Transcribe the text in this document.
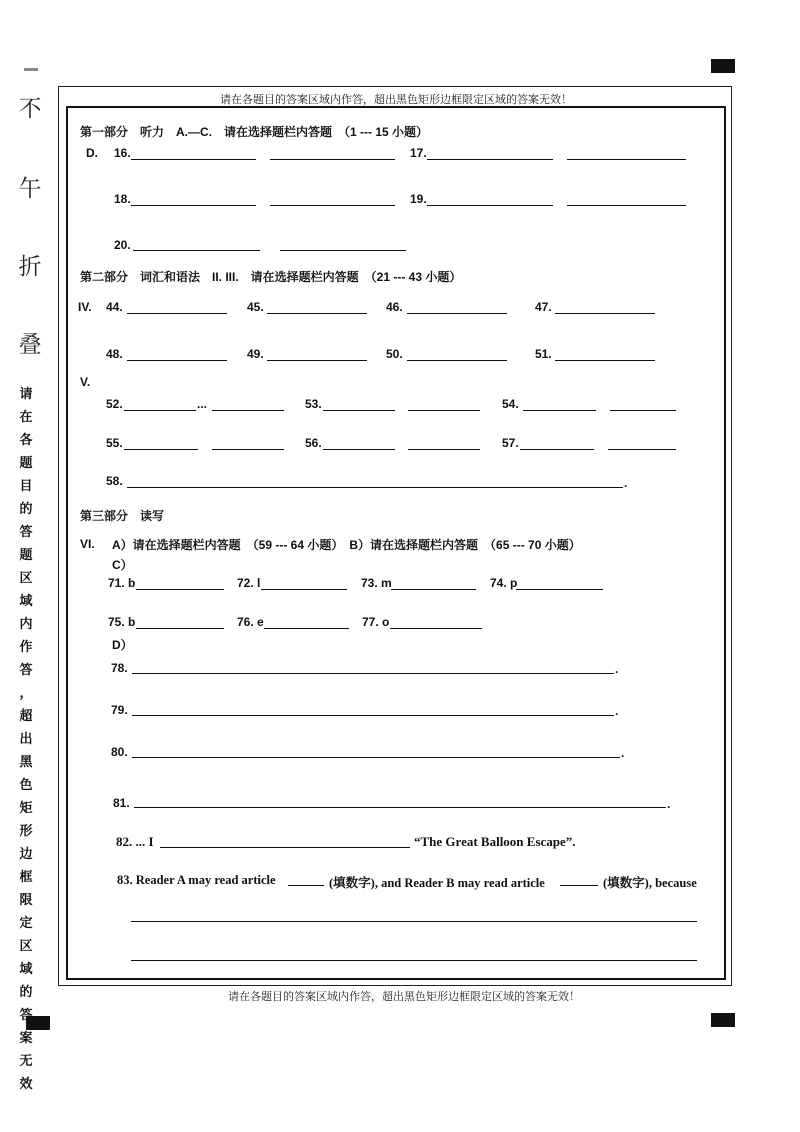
不
午
折
叠
请
在
各
题
目
的
答
题
区
域
内
作
答
，
超
出
黑
色
矩
形
边
框
限
定
区
域
的
答
案
无
效
请在各题目的答案区域内作答，超出黑色矩形边框限定区域的答案无效！
请在各题目的答案区域内作答，超出黑色矩形边框限定区域的答案无效！
第一部分　听力　A.—C.　请在选择题栏内答题　（1 --- 15 小题）
D. 16.	17.
18.	19.
20.
第二部分　词汇和语法　II. III.　请在选择题栏内答题　（21 --- 43 小题）
IV. 44.	45.	46.	47.
48.	49.	50.	51.
V.
52.	...	53.	54.
55.	56.	57.
58.	.
第三部分　读写
VI. A）请在选择题栏内答题　（59 --- 64 小题）　B）请在选择题栏内答题　（65 --- 70 小题）
C）
71. b	72. l	73. m	74. p
75. b	76. e	77. o
D）
78.	.
79.	.
80.	.
81.	.
82. ... I	“The Great Balloon Escape”.
83. Reader A may read article	(填数字), and Reader B may read article	(填数字), because
